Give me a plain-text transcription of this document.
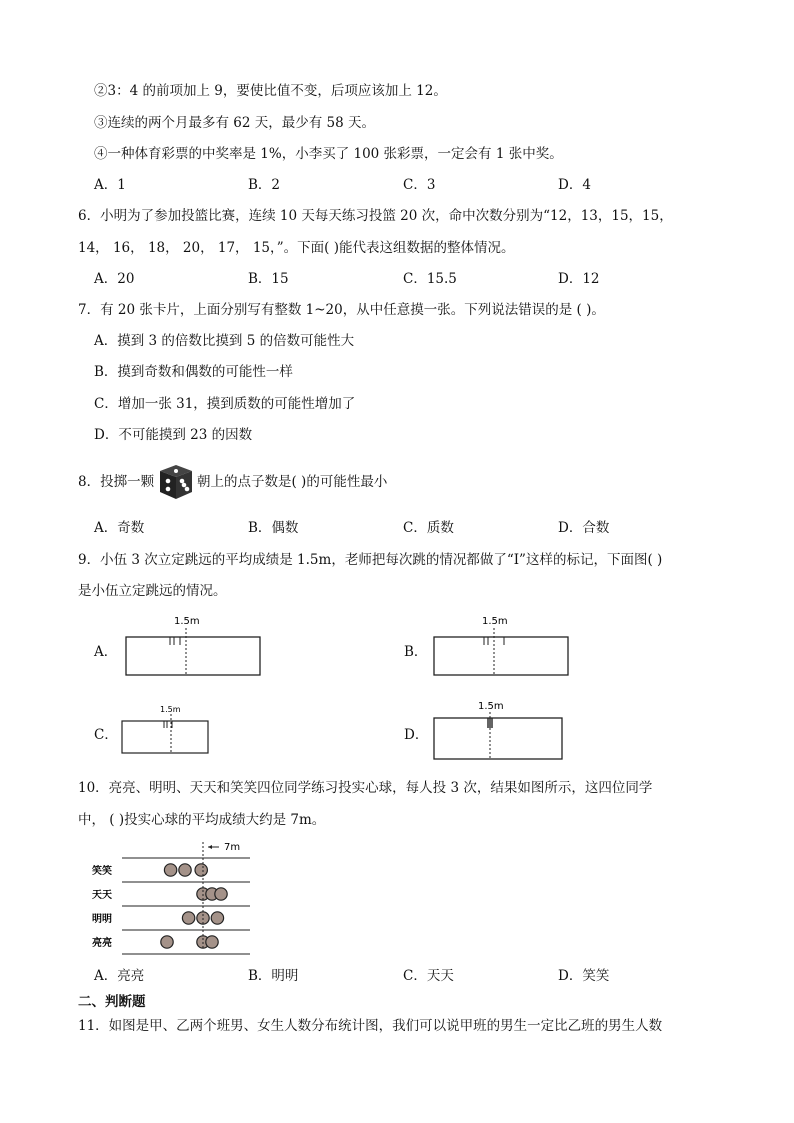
②3：4 的前项加上 9，要使比值不变，后项应该加上 12。
③连续的两个月最多有 62 天，最少有 58 天。
④一种体育彩票的中奖率是 1%，小李买了 100 张彩票，一定会有 1 张中奖。
A．1	B．2	C．3	D．4
6．小明为了参加投篮比赛，连续 10 天每天练习投篮 20 次，命中次数分别为“12，13，15，15，
14， 16， 18， 20， 17， 15，”。下面( )能代表这组数据的整体情况。
A．20	B．15	C．15.5	D．12
7．有 20 张卡片，上面分别写有整数 1~20，从中任意摸一张。下列说法错误的是 ( )。
A．摸到 3 的倍数比摸到 5 的倍数可能性大
B．摸到奇数和偶数的可能性一样
C．增加一张 31，摸到质数的可能性增加了
D．不可能摸到 23 的因数
8．投掷一颗	朝上的点子数是( )的可能性最小
A．奇数	B．偶数	C．质数	D．合数
9．小伍 3 次立定跳远的平均成绩是 1.5m，老师把每次跳的情况都做了“I”这样的标记，下面图( )
是小伍立定跳远的情况。
A．
1.5m
B．
1.5m
C．
1.5m
D．
1.5m
10．亮亮、明明、天天和笑笑四位同学练习投实心球，每人投 3 次，结果如图所示，这四位同学
中， ( )投实心球的平均成绩大约是 7m。
7m
笑笑
天天
明明
亮亮
A．亮亮	B．明明	C．天天	D．笑笑
二、判断题
11．如图是甲、乙两个班男、女生人数分布统计图，我们可以说甲班的男生一定比乙班的男生人数
